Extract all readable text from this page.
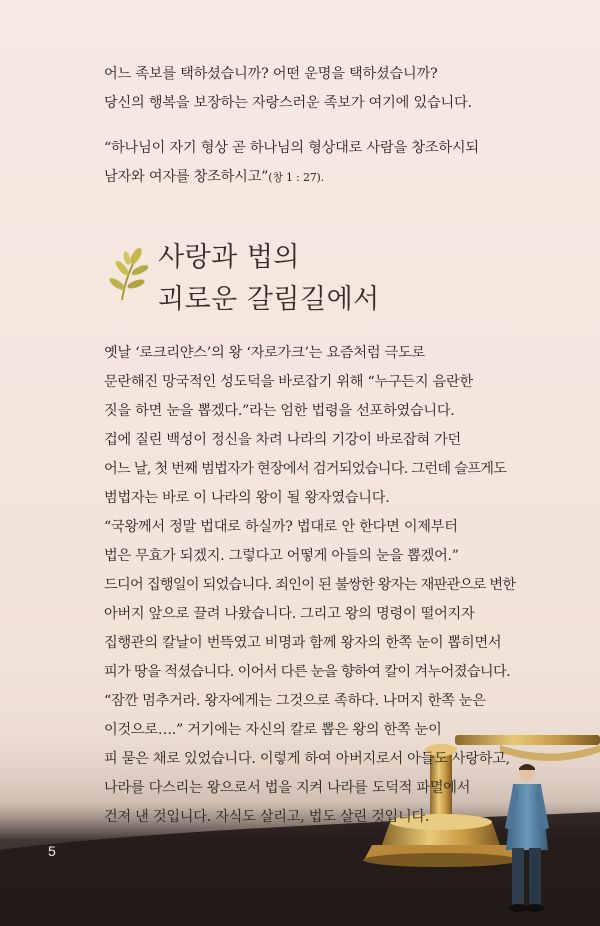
어느 족보를 택하셨습니까? 어떤 운명을 택하셨습니까?
당신의 행복을 보장하는 자랑스러운 족보가 여기에 있습니다.
“하나님이 자기 형상 곧 하나님의 형상대로 사람을 창조하시되
남자와 여자를 창조하시고”(창 1 : 27).
사랑과 법의
괴로운 갈림길에서
옛날 ‘로크리얀스’의 왕 ‘자로가크’는 요즘처럼 극도로
문란해진 망국적인 성도덕을 바로잡기 위해 “누구든지 음란한
짓을 하면 눈을 뽑겠다.”라는 엄한 법령을 선포하였습니다.
겁에 질린 백성이 정신을 차려 나라의 기강이 바로잡혀 가던
어느 날, 첫 번째 범법자가 현장에서 검거되었습니다. 그런데 슬프게도
범법자는 바로 이 나라의 왕이 될 왕자였습니다.
“국왕께서 정말 법대로 하실까? 법대로 안 한다면 이제부터
법은 무효가 되겠지. 그렇다고 어떻게 아들의 눈을 뽑겠어.”
드디어 집행일이 되었습니다. 죄인이 된 불쌍한 왕자는 재판관으로 변한
아버지 앞으로 끌려 나왔습니다. 그리고 왕의 명령이 떨어지자
집행관의 칼날이 번뜩였고 비명과 함께 왕자의 한쪽 눈이 뽑히면서
피가 땅을 적셨습니다. 이어서 다른 눈을 향하여 칼이 겨누어졌습니다.
“잠깐 멈추거라. 왕자에게는 그것으로 족하다. 나머지 한쪽 눈은
이것으로….” 거기에는 자신의 칼로 뽑은 왕의 한쪽 눈이
피 묻은 채로 있었습니다. 이렇게 하여 아버지로서 아들도 사랑하고,
나라를 다스리는 왕으로서 법을 지켜 나라를 도덕적 파멸에서
건져 낸 것입니다. 자식도 살리고, 법도 살린 것입니다.
5
